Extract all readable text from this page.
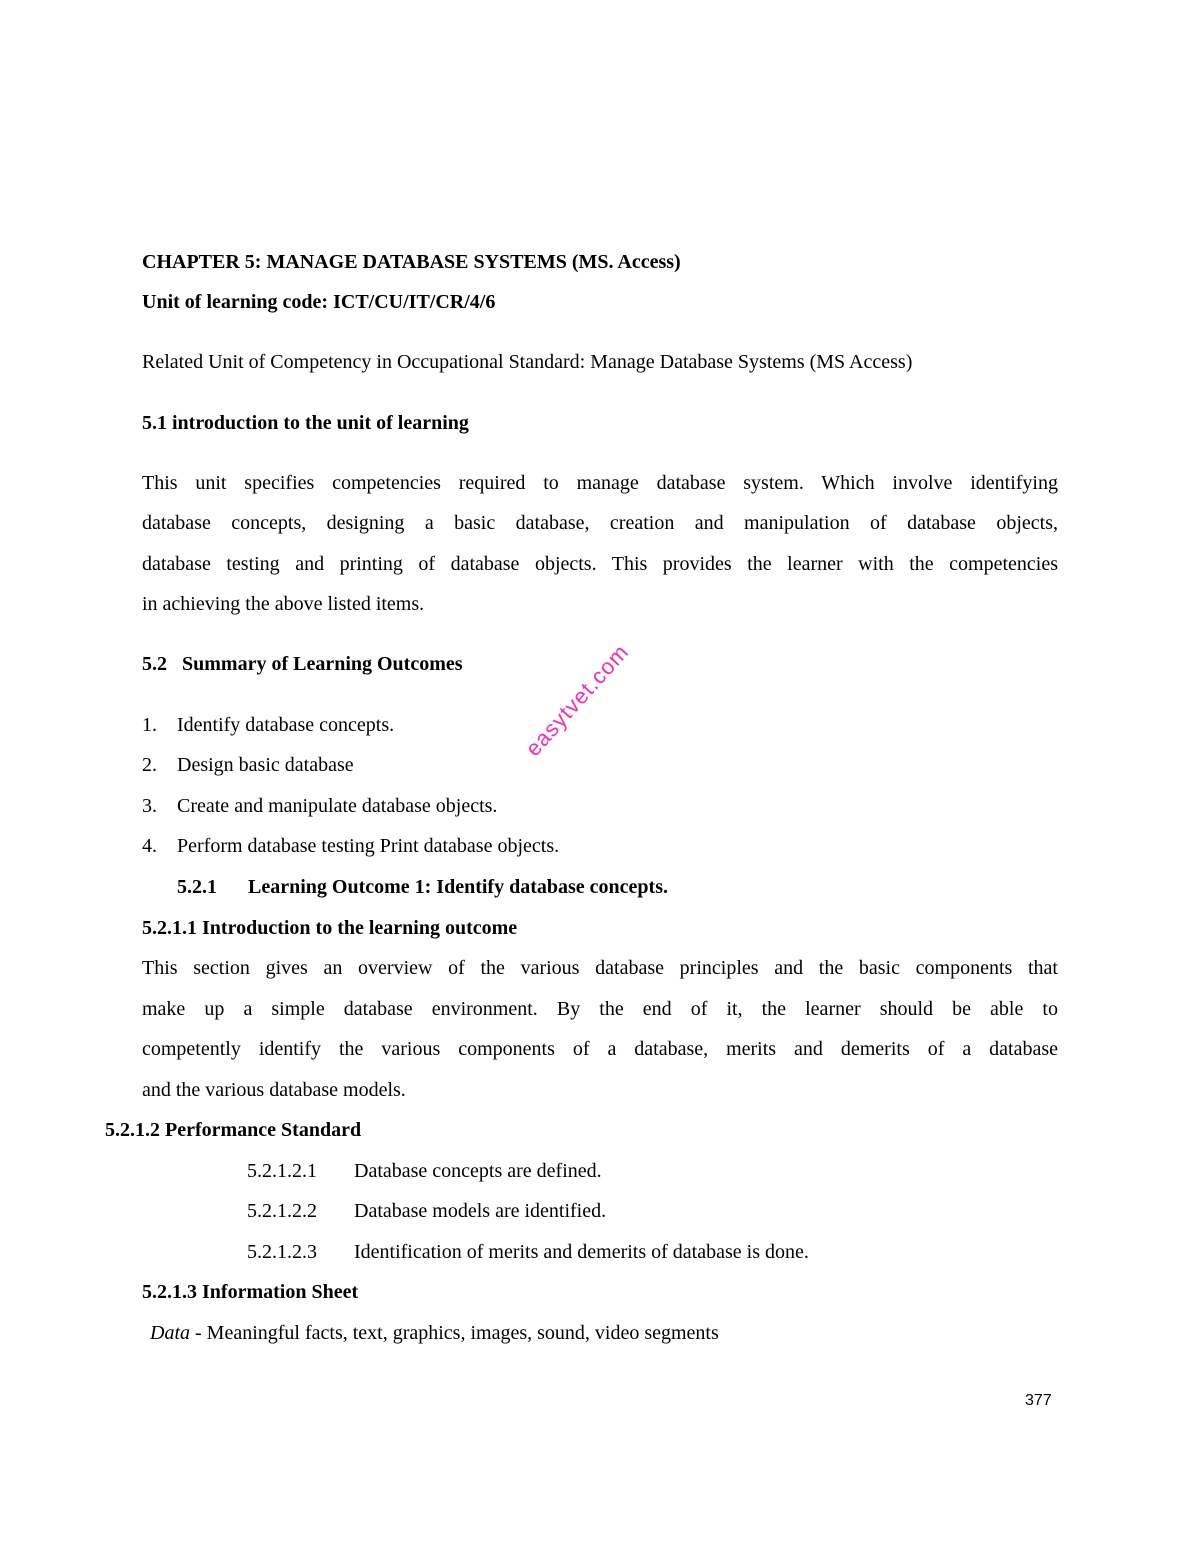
CHAPTER 5: MANAGE DATABASE SYSTEMS (MS. Access)
Unit of learning code: ICT/CU/IT/CR/4/6
Related Unit of Competency in Occupational Standard: Manage Database Systems (MS Access)
5.1 introduction to the unit of learning
This unit specifies competencies required to manage database system. Which involve identifying
database concepts, designing a basic database, creation and manipulation of database objects,
database testing and printing of database objects. This provides the learner with the competencies
in achieving the above listed items.
5.2   Summary of Learning Outcomes
1. Identify database concepts.
2. Design basic database
3. Create and manipulate database objects.
4. Perform database testing Print database objects.
5.2.1 Learning Outcome 1: Identify database concepts.
5.2.1.1 Introduction to the learning outcome
This section gives an overview of the various database principles and the basic components that
make up a simple database environment. By the end of it, the learner should be able to
competently identify the various components of a database, merits and demerits of a database
and the various database models.
5.2.1.2 Performance Standard
5.2.1.2.1 Database concepts are defined.
5.2.1.2.2 Database models are identified.
5.2.1.2.3 Identification of merits and demerits of database is done.
5.2.1.3 Information Sheet
Data - Meaningful facts, text, graphics, images, sound, video segments
easytvet.com
377
